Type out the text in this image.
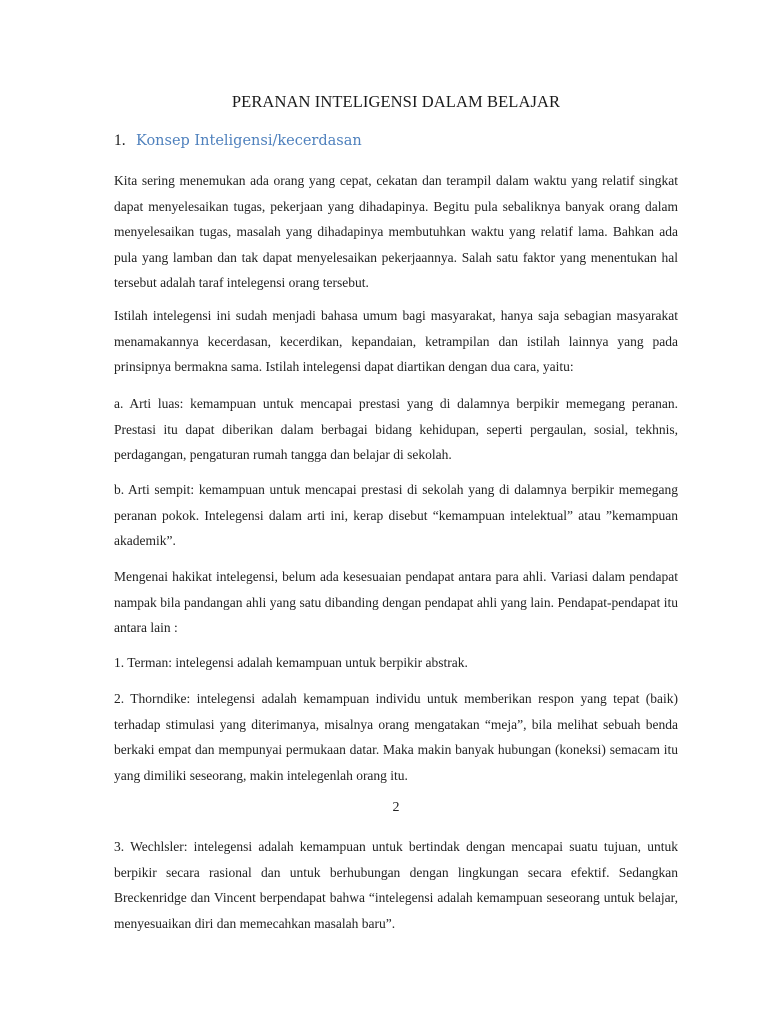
PERANAN INTELIGENSI DALAM BELAJAR
1. Konsep Inteligensi/kecerdasan

Kita sering menemukan ada orang yang cepat, cekatan dan terampil dalam waktu yang relatif singkat dapat menyelesaikan tugas, pekerjaan yang dihadapinya. Begitu pula sebaliknya banyak orang dalam menyelesaikan tugas, masalah yang dihadapinya membutuhkan waktu yang relatif lama. Bahkan ada pula yang lamban dan tak dapat menyelesaikan pekerjaannya. Salah satu faktor yang menentukan hal tersebut adalah taraf intelegensi orang tersebut.

Istilah intelegensi ini sudah menjadi bahasa umum bagi masyarakat, hanya saja sebagian masyarakat menamakannya kecerdasan, kecerdikan, kepandaian, ketrampilan dan istilah lainnya yang pada prinsipnya bermakna sama. Istilah intelegensi dapat diartikan dengan dua cara, yaitu:

a. Arti luas: kemampuan untuk mencapai prestasi yang di dalamnya berpikir memegang peranan. Prestasi itu dapat diberikan dalam berbagai bidang kehidupan, seperti pergaulan, sosial, tekhnis, perdagangan, pengaturan rumah tangga dan belajar di sekolah.

b. Arti sempit: kemampuan untuk mencapai prestasi di sekolah yang di dalamnya berpikir memegang peranan pokok. Intelegensi dalam arti ini, kerap disebut “kemampuan intelektual” atau ”kemampuan akademik”.

Mengenai hakikat intelegensi, belum ada kesesuaian pendapat antara para ahli. Variasi dalam pendapat nampak bila pandangan ahli yang satu dibanding dengan pendapat ahli yang lain. Pendapat-pendapat itu antara lain :

1. Terman: intelegensi adalah kemampuan untuk berpikir abstrak.

2. Thorndike: intelegensi adalah kemampuan individu untuk memberikan respon yang tepat (baik) terhadap stimulasi yang diterimanya, misalnya orang mengatakan “meja”, bila melihat sebuah benda berkaki empat dan mempunyai permukaan datar. Maka makin banyak hubungan (koneksi) semacam itu yang dimiliki seseorang, makin intelegenlah orang itu.

2

3. Wechlsler: intelegensi adalah kemampuan untuk bertindak dengan mencapai suatu tujuan, untuk berpikir secara rasional dan untuk berhubungan dengan lingkungan secara efektif. Sedangkan Breckenridge dan Vincent berpendapat bahwa “intelegensi adalah kemampuan seseorang untuk belajar, menyesuaikan diri dan memecahkan masalah baru”.
